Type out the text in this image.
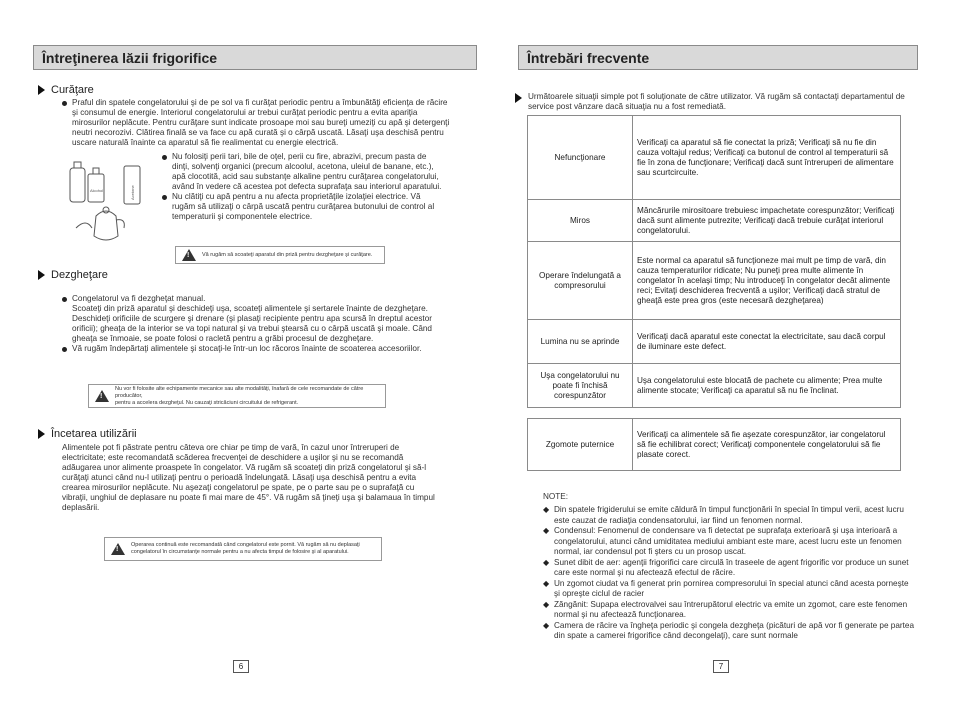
Întreţinerea lăzii frigorifice
Curăţare
Praful din spatele congelatorului şi de pe sol va fi curăţat periodic pentru a îmbunătăţi eficienţa de răcire şi consumul de energie. Interiorul congelatorului ar trebui curăţat periodic pentru a evita apariţia mirosurilor neplăcute. Pentru curăţare sunt indicate prosoape moi sau bureţi umeziţi cu apă şi detergenţi neutri necorozivi. Clătirea finală se va face cu apă curată şi o cârpă uscată. Lăsaţi uşa deschisă pentru uscare naturală înainte ca aparatul să fie realimentat cu energie electrică.
Alcohol	Acetone
Nu folosiţi perii tari, bile de oţel, perii cu fire, abrazivi, precum pasta de dinţi, solvenţi organici (precum alcoolul, acetona, uleiul de banane, etc.), apă clocotită, acid sau substanţe alkaline pentru curăţarea congelatorului, având în vedere că acestea pot defecta suprafaţa sau interiorul aparatului.
Nu clătiţi cu apă pentru a nu afecta proprietăţile izolaţiei electrice. Vă rugăm să utilizaţi o cârpă uscată pentru curăţarea butonului de control al temperaturii şi componentele electrice.
! Vă rugăm să scoateţi aparatul din priză pentru dezgheţare şi curăţare.
Dezgheţare
Congelatorul va fi dezgheţat manual.
Scoateţi din priză aparatul şi deschideţi uşa, scoateţi alimentele şi sertarele înainte de dezgheţare. Deschideţi orificiile de scurgere şi drenare (şi plasaţi recipiente pentru apa scursă în dreptul acestor orificii); gheaţa de la interior se va topi natural şi va trebui ştearsă cu o cârpă uscată şi moale. Când gheaţa se înmoaie, se poate folosi o racletă pentru a grăbi procesul de dezgheţare.
Vă rugăm îndepărtaţi alimentele şi stocaţi-le într-un loc răcoros înainte de scoaterea accesoriilor.
!
Nu vor fi folosite alte echipamente mecanice sau alte modalităţi, înafară de cele recomandate de către producător,
pentru a accelera dezgheţul. Nu cauzaţi stricăciuni circuitului de refrigerant.
Încetarea utilizării
Alimentele pot fi păstrate pentru câteva ore chiar pe timp de vară, în cazul unor întreruperi de electricitate; este recomandată scăderea frecvenţei de deschidere a uşilor şi nu se recomandă adăugarea unor alimente proaspete în congelator. Vă rugăm să scoateţi din priză congelatorul şi să-l curăţaţi atunci când nu-l utilizaţi pentru o perioadă îndelungată. Lăsaţi uşa deschisă pentru a evita crearea mirosurilor neplăcute. Nu aşezaţi congelatorul pe spate, pe o parte sau pe o suprafaţă cu vibraţii, unghiul de deplasare nu poate fi mai mare de 45°. Vă rugăm să ţineţi uşa şi balamaua în timpul deplasării.
!
Operarea continuă este recomandată când congelatorul este pornit. Vă rugăm să nu deplasaţi
congelatorul în circumstanţe normale pentru a nu afecta timpul de folosire şi al aparatului.
6
Întrebări frecvente
Următoarele situaţii simple pot fi soluţionate de către utilizator. Vă rugăm să contactaţi departamentul de service post vânzare dacă situaţia nu a fost remediată.
Nefuncţionare	Verificaţi ca aparatul să fie conectat la priză; Verificaţi să nu fie din cauza voltajul redus; Verificaţi ca butonul de control al temperaturii să fie în zona de funcţionare; Verificaţi dacă sunt întreruperi de alimentare sau scurtcircuite.
Miros	Mâncărurile mirositoare trebuiesc impachetate corespunzător; Verificaţi dacă sunt alimente putrezite; Verificaţi dacă trebuie curăţat interiorul congelatorului.
Operare îndelungată a compresorului	Este normal ca aparatul să funcţioneze mai mult pe timp de vară, din cauza temperaturilor ridicate; Nu puneţi prea multe alimente în congelator în acelaşi timp; Nu introduceţi în congelator decât alimente reci; Evitaţi deschiderea frecventă a uşilor; Verificaţi dacă stratul de gheaţă este prea gros (este necesară dezgheţarea)
Lumina nu se aprinde	Verificaţi dacă aparatul este conectat la electricitate, sau dacă corpul de iluminare este defect.
Uşa congelatorului nu poate fi închisă corespunzător	Uşa congelatorului este blocată de pachete cu alimente; Prea multe alimente stocate; Verificaţi ca aparatul să nu fie înclinat.
Zgomote puternice	Verificaţi ca alimentele să fie aşezate corespunzător, iar congelatorul să fie echilibrat corect; Verificaţi componentele congelatorului să fie plasate corect.
NOTE:
◆ Din spatele frigiderului se emite căldură în timpul funcţionării în special în timpul verii, acest lucru este cauzat de radiaţia condensatorului, iar fiind un fenomen normal.
◆ Condensul: Fenomenul de condensare va fi detectat pe suprafaţa exterioară şi uşa interioară a congelatorului, atunci când umiditatea mediului ambiant este mare, acest lucru este un fenomen normal, iar condensul pot fi şters cu un prosop uscat.
◆ Sunet dibit de aer: agenţii frigorifici care circulă în traseele de agent frigorific vor produce un sunet care este normal şi nu afectează efectul de răcire.
◆ Un zgomot ciudat va fi generat prin pornirea compresorului în special atunci când acesta porneşte şi opreşte ciclul de racier
◆ Zăngănit: Supapa electrovalvei sau întrerupătorul electric va emite un zgomot, care este fenomen normal şi nu afectează funcţionarea.
◆ Camera de răcire va îngheţa periodic şi congela dezgheţa (picături de apă vor fi generate pe partea din spate a camerei frigorifice când decongelaţi), care sunt normale
7
